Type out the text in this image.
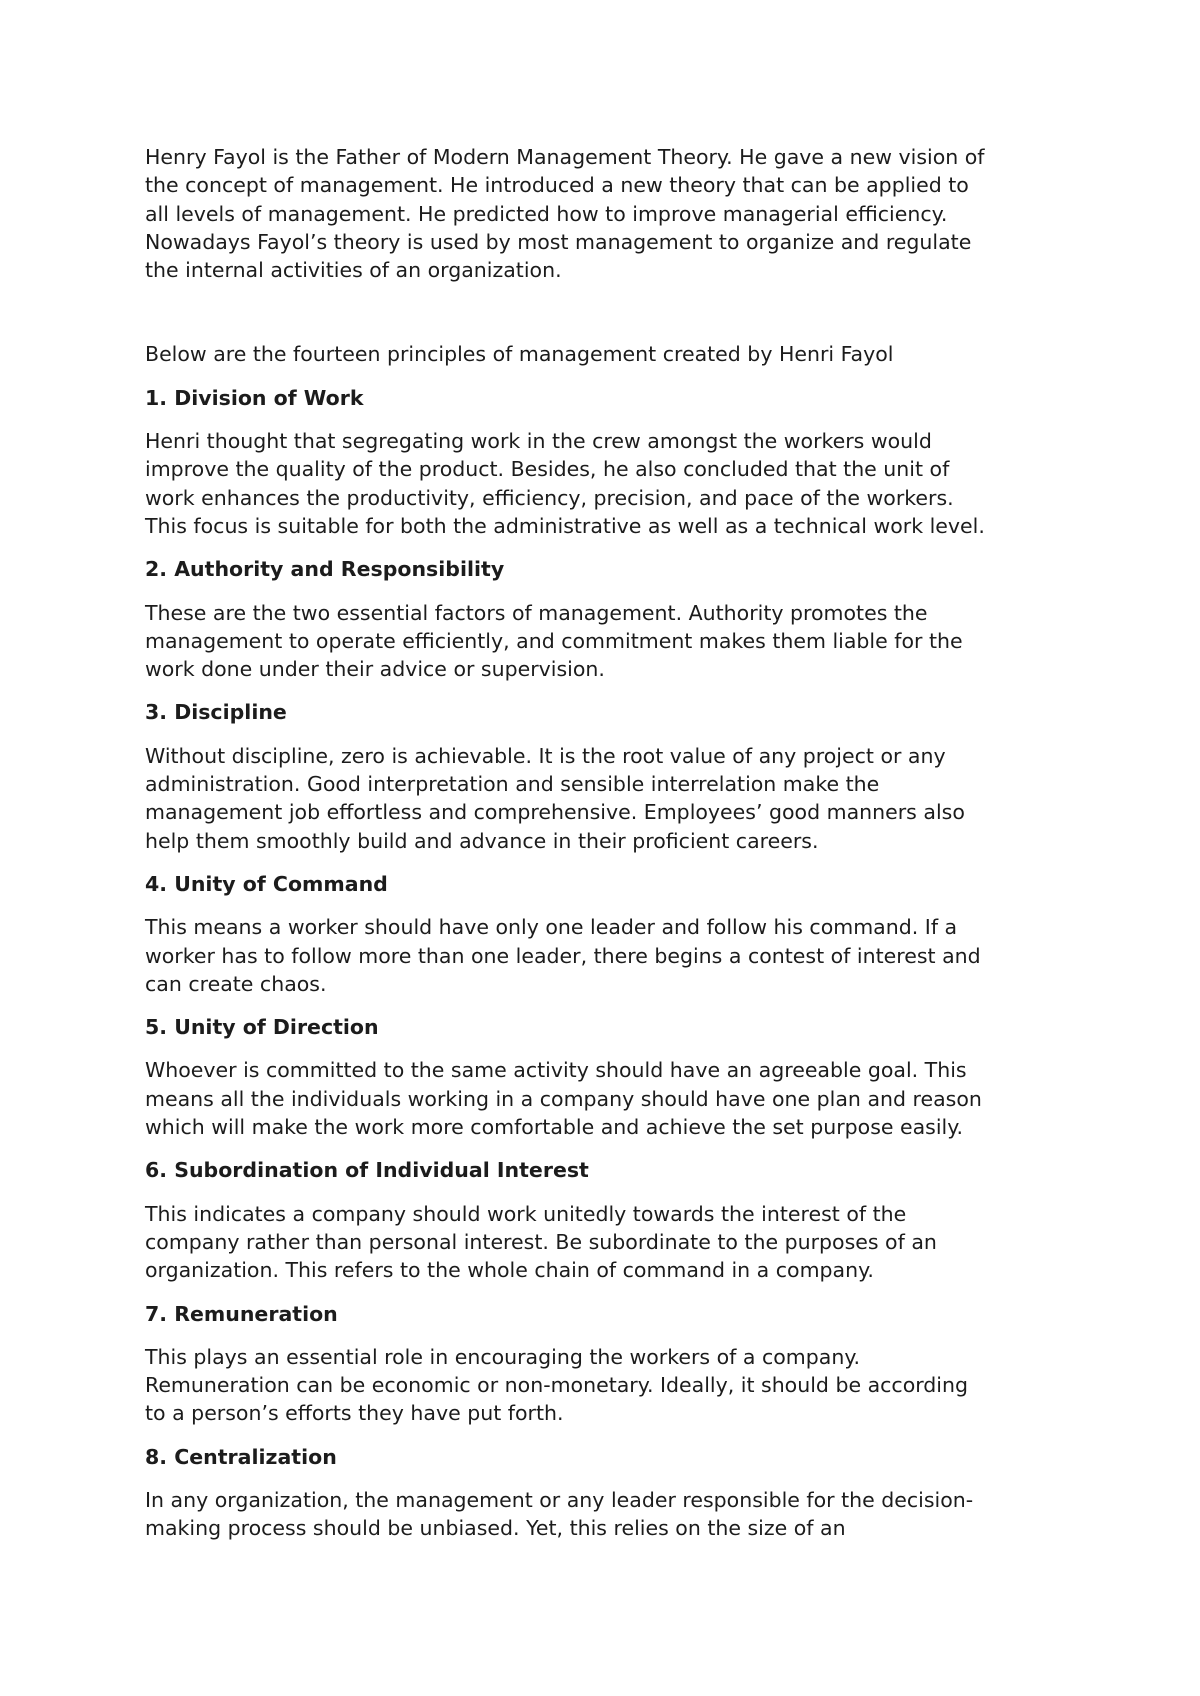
Henry Fayol is the Father of Modern Management Theory. He gave a new vision of
the concept of management. He introduced a new theory that can be applied to
all levels of management. He predicted how to improve managerial efficiency.
Nowadays Fayol’s theory is used by most management to organize and regulate
the internal activities of an organization.

Below are the fourteen principles of management created by Henri Fayol

1. Division of Work

Henri thought that segregating work in the crew amongst the workers would
improve the quality of the product. Besides, he also concluded that the unit of
work enhances the productivity, efficiency, precision, and pace of the workers.
This focus is suitable for both the administrative as well as a technical work level.

2. Authority and Responsibility

These are the two essential factors of management. Authority promotes the
management to operate efficiently, and commitment makes them liable for the
work done under their advice or supervision.

3. Discipline

Without discipline, zero is achievable. It is the root value of any project or any
administration. Good interpretation and sensible interrelation make the
management job effortless and comprehensive. Employees’ good manners also
help them smoothly build and advance in their proficient careers.

4. Unity of Command

This means a worker should have only one leader and follow his command. If a
worker has to follow more than one leader, there begins a contest of interest and
can create chaos.

5. Unity of Direction

Whoever is committed to the same activity should have an agreeable goal. This
means all the individuals working in a company should have one plan and reason
which will make the work more comfortable and achieve the set purpose easily.

6. Subordination of Individual Interest

This indicates a company should work unitedly towards the interest of the
company rather than personal interest. Be subordinate to the purposes of an
organization. This refers to the whole chain of command in a company.

7. Remuneration

This plays an essential role in encouraging the workers of a company.
Remuneration can be economic or non-monetary. Ideally, it should be according
to a person’s efforts they have put forth.

8. Centralization

In any organization, the management or any leader responsible for the decision-
making process should be unbiased. Yet, this relies on the size of an
